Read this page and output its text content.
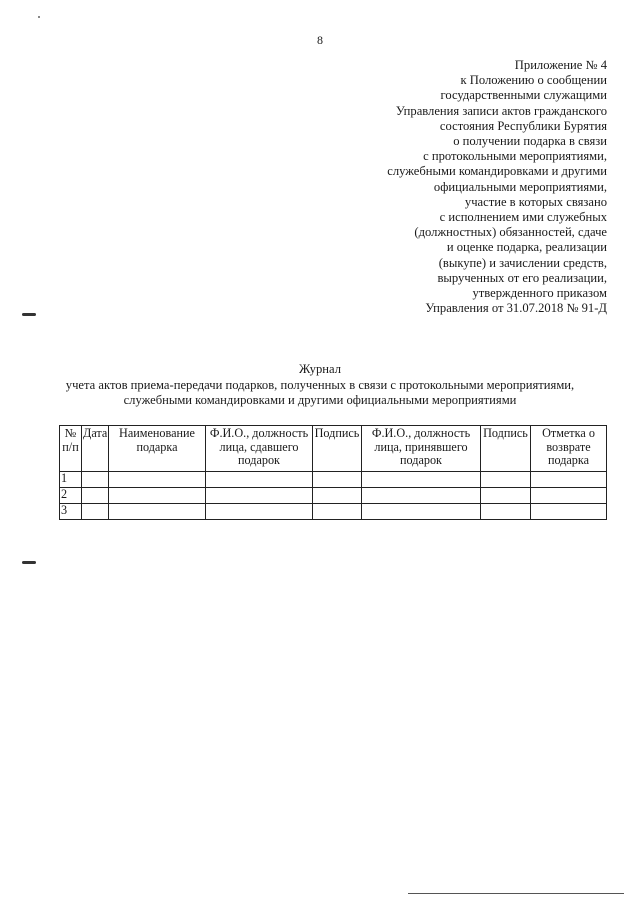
8
Приложение № 4
к Положению о сообщении
государственными служащими
Управления записи актов гражданского
состояния Республики Бурятия
о получении подарка в связи
с протокольными мероприятиями,
служебными командировками и другими
официальными мероприятиями,
участие в которых связано
с исполнением ими служебных
(должностных) обязанностей, сдаче
и оценке подарка, реализации
(выкупе) и зачислении средств,
вырученных от его реализации,
утвержденного приказом
Управления от 31.07.2018 № 91-Д
Журнал
учета актов приема-передачи подарков, полученных в связи с протокольными мероприятиями,
служебными командировками и другими официальными мероприятиями
№ п/п	Дата	Наименование подарка	Ф.И.О., должность лица, сдавшего подарок	Подпись	Ф.И.О., должность лица, принявшего подарок	Подпись	Отметка о возврате подарка
1							
2							
3							
